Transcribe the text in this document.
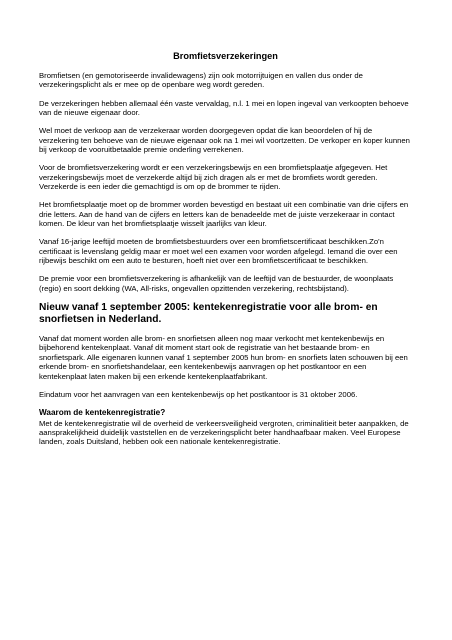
Bromfietsverzekeringen

Bromfietsen (en gemotoriseerde invalidewagens) zijn ook motorrijtuigen en vallen dus onder de verzekeringsplicht als er mee op de openbare weg wordt gereden.

De verzekeringen hebben allemaal één vaste vervaldag, n.l. 1 mei en lopen ingeval van verkoopten behoeve van de nieuwe eigenaar door.

Wel moet de verkoop aan de verzekeraar worden doorgegeven opdat die kan beoordelen of hij de verzekering ten behoeve van de nieuwe eigenaar ook na 1 mei wil voortzetten. De verkoper en koper kunnen bij verkoop de vooruitbetaalde premie onderling verrekenen.

Voor de bromfietsverzekering wordt er een verzekeringsbewijs en een bromfietsplaatje afgegeven. Het verzekeringsbewijs moet de verzekerde altijd bij zich dragen als er met de bromfiets wordt gereden. Verzekerde is een ieder die gemachtigd is om op de brommer te rijden.

Het bromfietsplaatje moet op de brommer worden bevestigd en bestaat uit een combinatie van drie cijfers en drie letters. Aan de hand van de cijfers en letters kan de benadeelde met de juiste verzekeraar in contact komen. De kleur van het bromfietsplaatje wisselt jaarlijks van kleur.

Vanaf 16-jarige leeftijd moeten de bromfietsbestuurders over een bromfietscertificaat beschikken.Zo'n certificaat is levenslang geldig maar er moet wel een examen voor worden afgelegd. Iemand die over een rijbewijs beschikt om een auto te besturen, hoeft niet over een bromfietscertificaat te beschikken.

De premie voor een bromfietsverzekering is afhankelijk van de leeftijd van de bestuurder, de woonplaats (regio) en soort dekking (WA, All-risks, ongevallen opzittenden verzekering, rechtsbijstand).

Nieuw vanaf 1 september 2005: kentekenregistratie voor alle brom- en snorfietsen in Nederland.

Vanaf dat moment worden alle brom- en snorfietsen alleen nog maar verkocht met kentekenbewijs en bijbehorend kentekenplaat. Vanaf dit moment start ook de registratie van het bestaande brom- en snorfietspark. Alle eigenaren kunnen vanaf 1 september 2005 hun brom- en snorfiets laten schouwen bij een erkende brom- en snorfietshandelaar, een kentekenbewijs aanvragen op het postkantoor en een kentekenplaat laten maken bij een erkende kentekenplaatfabrikant.

Eindatum voor het aanvragen van een kentekenbewijs op het postkantoor is 31 oktober 2006.

Waarom de kentekenregistratie?

Met de kentekenregistratie wil de overheid de verkeersveiligheid vergroten, criminalitieit beter aanpakken, de aansprakelijkheid duidelijk vaststellen en de verzekeringsplicht beter handhaafbaar maken. Veel Europese landen, zoals Duitsland, hebben ook een nationale kentekenregistratie.
